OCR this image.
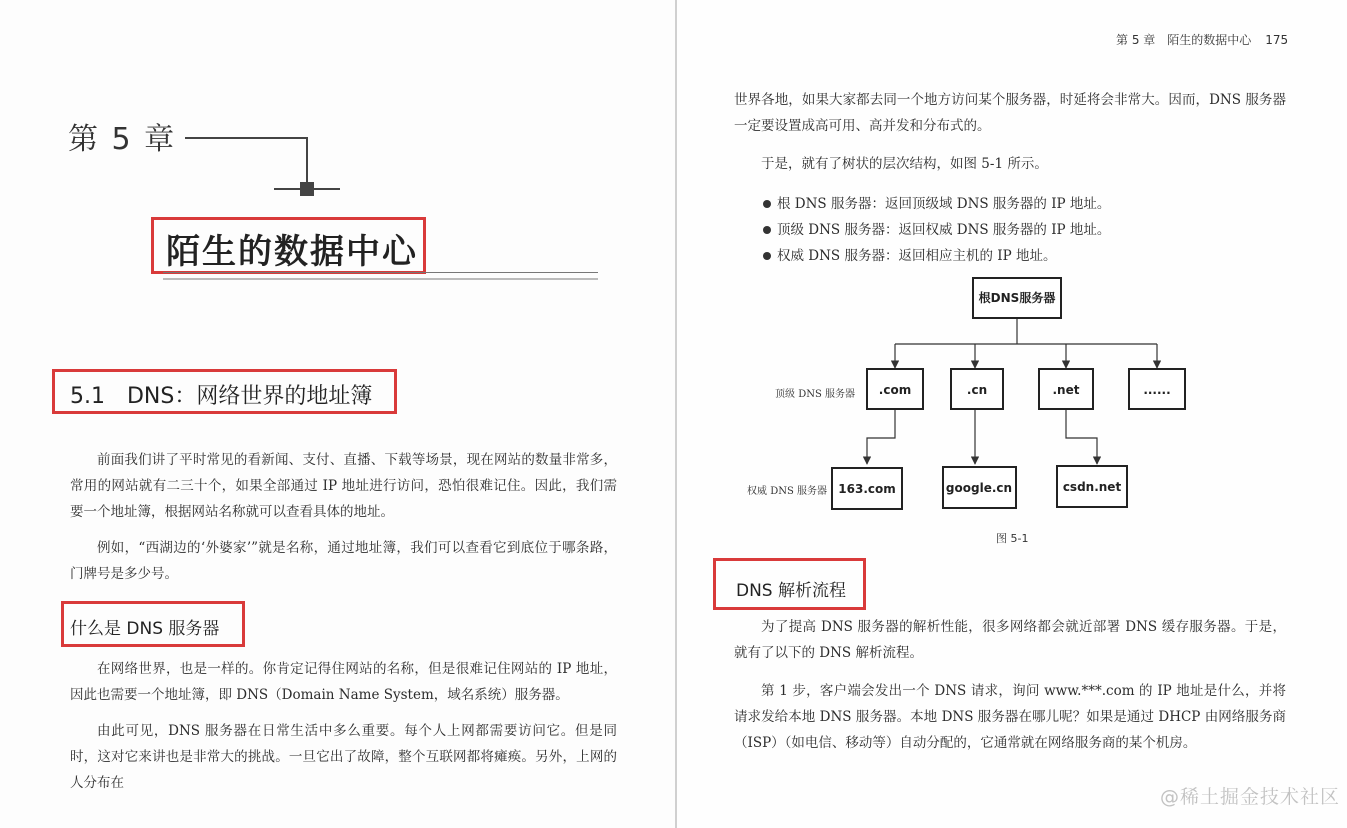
第 5 章
陌生的数据中心
5.1　DNS：网络世界的地址簿

前面我们讲了平时常见的看新闻、支付、直播、下载等场景，现在网站的数量非常多，常用的网站就有二三十个，如果全部通过 IP 地址进行访问，恐怕很难记住。因此，我们需要一个地址簿，根据网站名称就可以查看具体的地址。

例如，“西湖边的‘外婆家’”就是名称，通过地址簿，我们可以查看它到底位于哪条路，门牌号是多少号。

什么是 DNS 服务器

在网络世界，也是一样的。你肯定记得住网站的名称，但是很难记住网站的 IP 地址，因此也需要一个地址簿，即 DNS（Domain Name System，域名系统）服务器。

由此可见，DNS 服务器在日常生活中多么重要。每个人上网都需要访问它。但是同时，这对它来讲也是非常大的挑战。一旦它出了故障，整个互联网都将瘫痪。另外，上网的人分布在

第 5 章　陌生的数据中心 175

世界各地，如果大家都去同一个地方访问某个服务器，时延将会非常大。因而，DNS 服务器一定要设置成高可用、高并发和分布式的。

于是，就有了树状的层次结构，如图 5-1 所示。

根 DNS 服务器：返回顶级域 DNS 服务器的 IP 地址。
顶级 DNS 服务器：返回权威 DNS 服务器的 IP 地址。
权威 DNS 服务器：返回相应主机的 IP 地址。
根DNS服务器
.com	.cn	.net	......
163.com	google.cn	csdn.net
顶级 DNS 服务器
权威 DNS 服务器
图 5-1
DNS 解析流程

为了提高 DNS 服务器的解析性能，很多网络都会就近部署 DNS 缓存服务器。于是，就有了以下的 DNS 解析流程。

第 1 步，客户端会发出一个 DNS 请求，询问 www.***.com 的 IP 地址是什么，并将请求发给本地 DNS 服务器。本地 DNS 服务器在哪儿呢？如果是通过 DHCP 由网络服务商（ISP）（如电信、移动等）自动分配的，它通常就在网络服务商的某个机房。

@稀土掘金技术社区
